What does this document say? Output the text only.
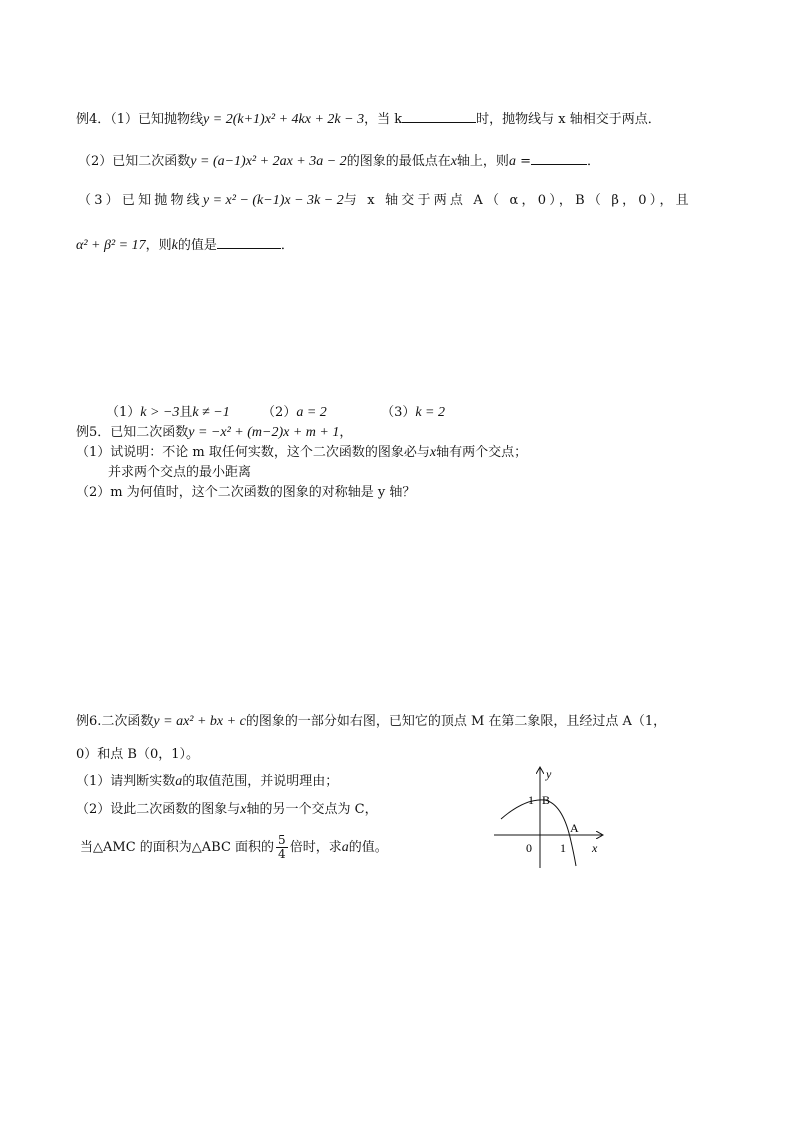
例4．（1）已知抛物线y = 2(k+1)x² + 4kx + 2k − 3，当 k	时，抛物线与 x 轴相交于两点．
（2）已知二次函数y = (a−1)x² + 2ax + 3a − 2的图象的最低点在x轴上，则a =	．
（3）已知抛物线y = x² − (k−1)x − 3k − 2与 x 轴交于两点 A（ α，0），B（ β，0），且
α² + β² = 17，则k的值是	．
（1）k > −3且k ≠ −1 （2）a = 2	（3）k = 2
例5．已知二次函数y = −x² + (m−2)x + m + 1，
（1）试说明：不论 m 取任何实数，这个二次函数的图象必与x轴有两个交点；
并求两个交点的最小距离
（2）m 为何值时，这个二次函数的图象的对称轴是 y 轴？
例6.二次函数y = ax² + bx + c的图象的一部分如右图，已知它的顶点 M 在第二象限，且经过点 A（1，
0）和点 B（0，1）。
（1）请判断实数a的取值范围，并说明理由；
（2）设此二次函数的图象与x轴的另一个交点为 C，
当△AMC 的面积为△ABC 面积的 $\frac{5}{4}$ 倍时，求a的值。
y
x
0
1 B
1
A
